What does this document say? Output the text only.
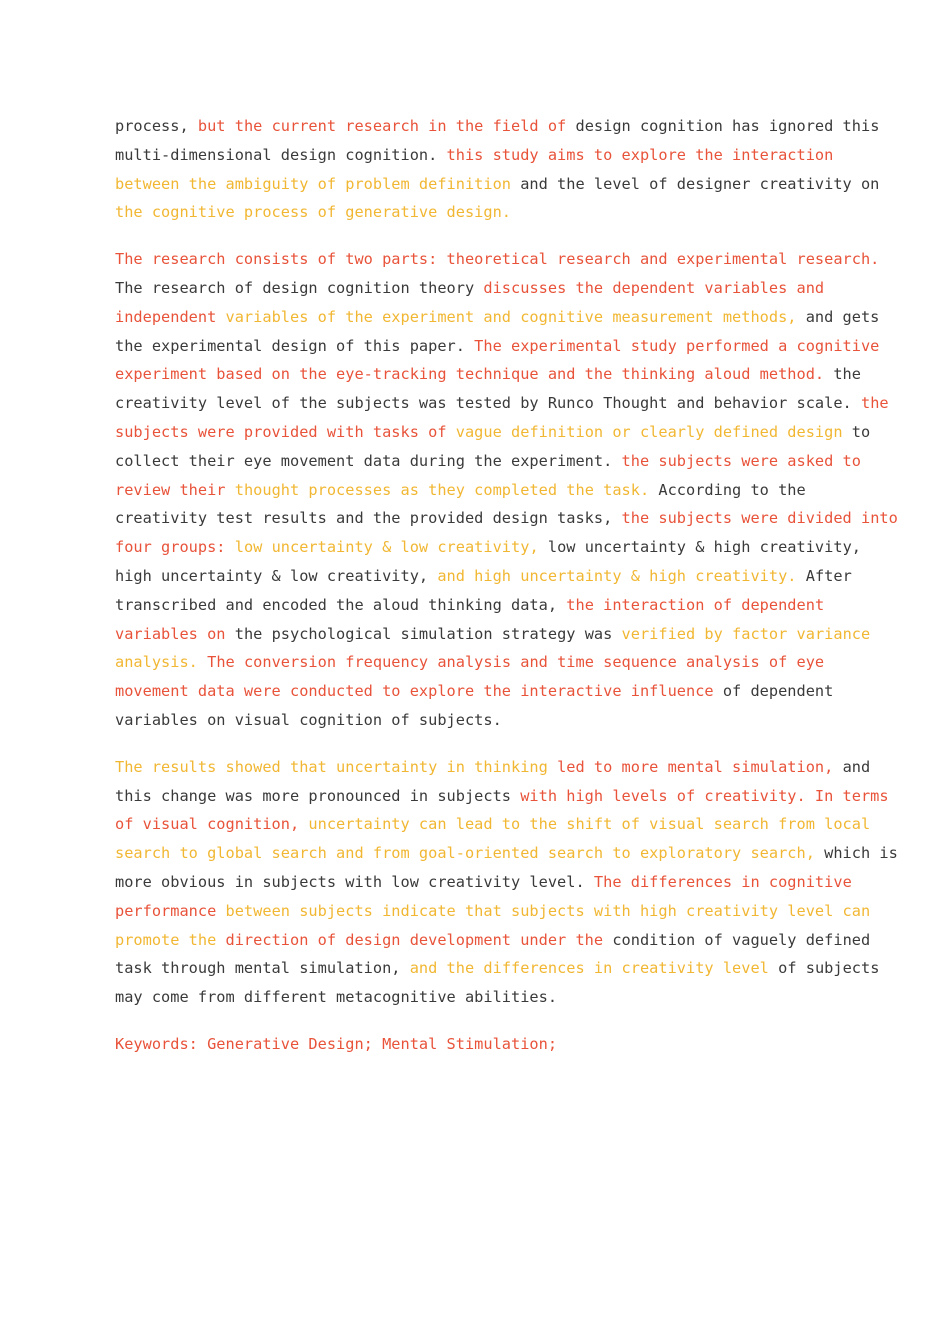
process, but the current research in the field of design cognition has ignored this
multi-dimensional design cognition. this study aims to explore the interaction
between the ambiguity of problem definition and the level of designer creativity on
the cognitive process of generative design.
The research consists of two parts: theoretical research and experimental research.
The research of design cognition theory discusses the dependent variables and
independent variables of the experiment and cognitive measurement methods, and gets
the experimental design of this paper. The experimental study performed a cognitive
experiment based on the eye-tracking technique and the thinking aloud method. the
creativity level of the subjects was tested by Runco Thought and behavior scale. the
subjects were provided with tasks of vague definition or clearly defined design to
collect their eye movement data during the experiment. the subjects were asked to
review their thought processes as they completed the task. According to the
creativity test results and the provided design tasks, the subjects were divided into
four groups: low uncertainty & low creativity, low uncertainty & high creativity,
high uncertainty & low creativity, and high uncertainty & high creativity. After
transcribed and encoded the aloud thinking data, the interaction of dependent
variables on the psychological simulation strategy was verified by factor variance
analysis. The conversion frequency analysis and time sequence analysis of eye
movement data were conducted to explore the interactive influence of dependent
variables on visual cognition of subjects.
The results showed that uncertainty in thinking led to more mental simulation, and
this change was more pronounced in subjects with high levels of creativity. In terms
of visual cognition, uncertainty can lead to the shift of visual search from local
search to global search and from goal-oriented search to exploratory search, which is
more obvious in subjects with low creativity level. The differences in cognitive
performance between subjects indicate that subjects with high creativity level can
promote the direction of design development under the condition of vaguely defined
task through mental simulation, and the differences in creativity level of subjects
may come from different metacognitive abilities.
Keywords: Generative Design; Mental Stimulation;
